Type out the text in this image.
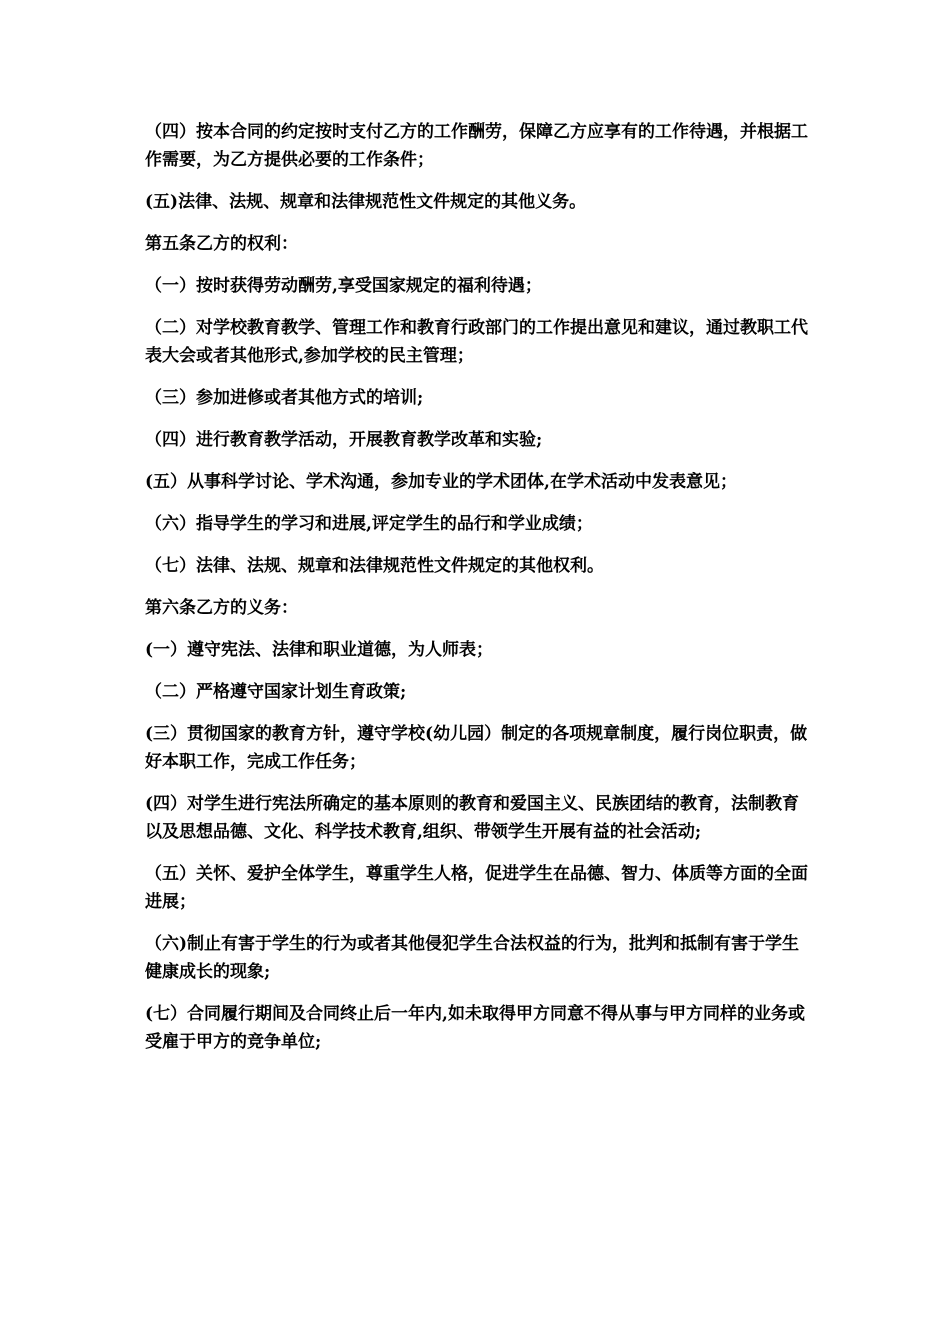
（四）按本合同的约定按时支付乙方的工作酬劳，保障乙方应享有的工作待遇，并根据工作需要，为乙方提供必要的工作条件；

(五)法律、法规、规章和法律规范性文件规定的其他义务。

第五条乙方的权利：

（一）按时获得劳动酬劳,享受国家规定的福利待遇；

（二）对学校教育教学、管理工作和教育行政部门的工作提出意见和建议，通过教职工代表大会或者其他形式,参加学校的民主管理；

（三）参加进修或者其他方式的培训;

（四）进行教育教学活动，开展教育教学改革和实验;

(五）从事科学讨论、学术沟通，参加专业的学术团体,在学术活动中发表意见；

（六）指导学生的学习和进展,评定学生的品行和学业成绩；

（七）法律、法规、规章和法律规范性文件规定的其他权利。

第六条乙方的义务：

(一）遵守宪法、法律和职业道德，为人师表；

（二）严格遵守国家计划生育政策;

(三）贯彻国家的教育方针，遵守学校(幼儿园）制定的各项规章制度，履行岗位职责，做好本职工作，完成工作任务；

(四）对学生进行宪法所确定的基本原则的教育和爱国主义、民族团结的教育，法制教育以及思想品德、文化、科学技术教育,组织、带领学生开展有益的社会活动;

（五）关怀、爱护全体学生，尊重学生人格，促进学生在品德、智力、体质等方面的全面进展；

（六)制止有害于学生的行为或者其他侵犯学生合法权益的行为，批判和抵制有害于学生健康成长的现象;

(七）合同履行期间及合同终止后一年内,如未取得甲方同意不得从事与甲方同样的业务或受雇于甲方的竞争单位;
